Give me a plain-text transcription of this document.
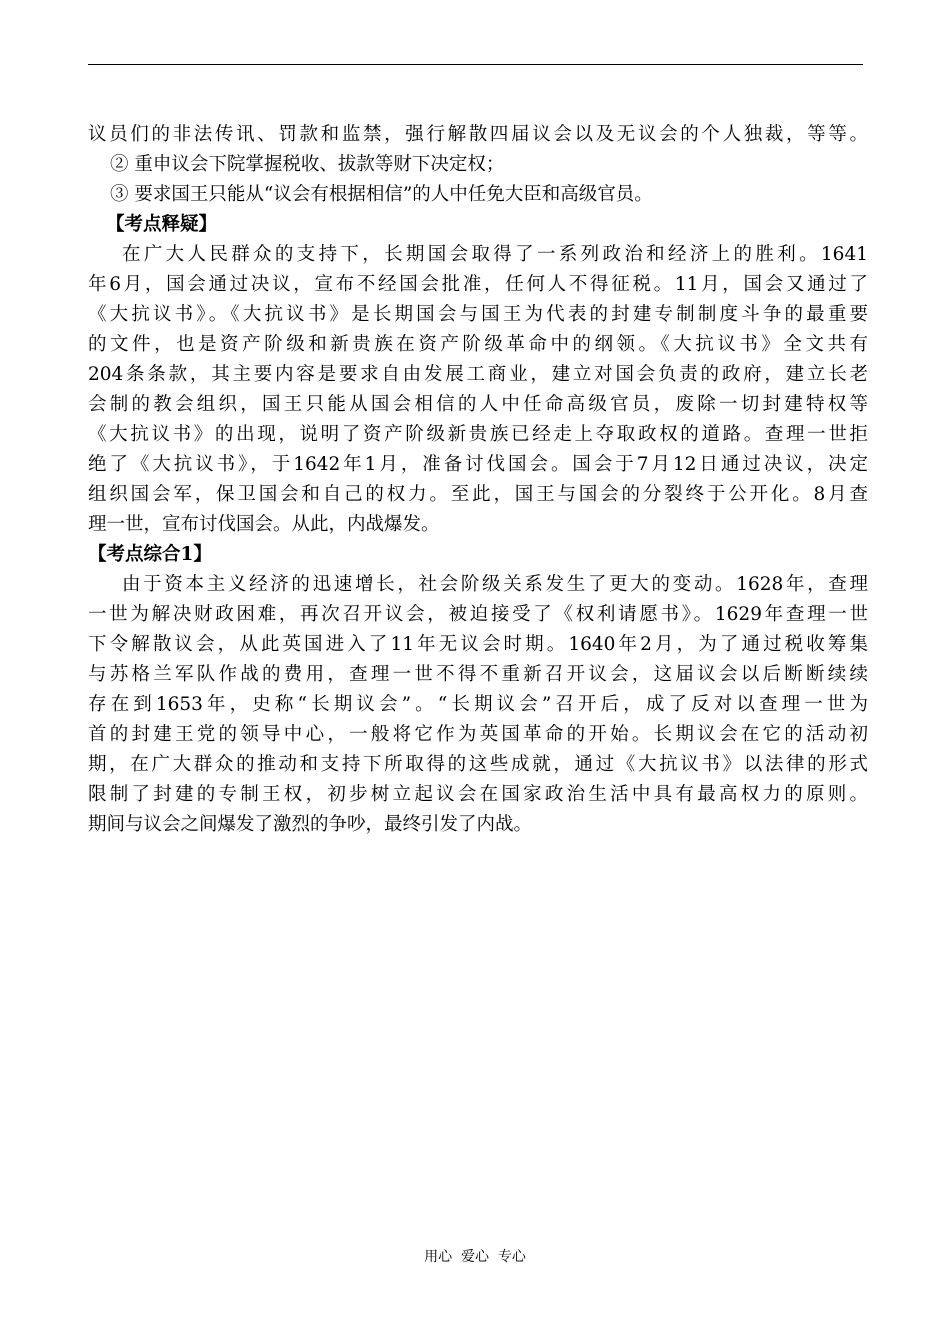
议员们的非法传讯、罚款和监禁，强行解散四届议会以及无议会的个人独裁，等等。
② 重申议会下院掌握税收、拔款等财下决定权；
③ 要求国王只能从“议会有根据相信”的人中任免大臣和高级官员。
【考点释疑】
在广大人民群众的支持下，长期国会取得了一系列政治和经济上的胜利。1641
年6月，国会通过决议，宣布不经国会批准，任何人不得征税。11月，国会又通过了
《大抗议书》。《大抗议书》是长期国会与国王为代表的封建专制制度斗争的最重要
的文件，也是资产阶级和新贵族在资产阶级革命中的纲领。《大抗议书》全文共有
204条条款，其主要内容是要求自由发展工商业，建立对国会负责的政府，建立长老
会制的教会组织，国王只能从国会相信的人中任命高级官员，废除一切封建特权等
《大抗议书》的出现，说明了资产阶级新贵族已经走上夺取政权的道路。查理一世拒
绝了《大抗议书》，于1642年1月，准备讨伐国会。国会于7月12日通过决议，决定
组织国会军，保卫国会和自己的权力。至此，国王与国会的分裂终于公开化。8月查
理一世，宣布讨伐国会。从此，内战爆发。
【考点综合1】
由于资本主义经济的迅速增长，社会阶级关系发生了更大的变动。1628年，查理
一世为解决财政困难，再次召开议会，被迫接受了《权利请愿书》。1629年查理一世
下令解散议会，从此英国进入了11年无议会时期。1640年2月，为了通过税收筹集
与苏格兰军队作战的费用，查理一世不得不重新召开议会，这届议会以后断断续续
存在到1653年，史称“长期议会”。“长期议会”召开后，成了反对以查理一世为
首的封建王党的领导中心，一般将它作为英国革命的开始。长期议会在它的活动初
期，在广大群众的推动和支持下所取得的这些成就，通过《大抗议书》以法律的形式
限制了封建的专制王权，初步树立起议会在国家政治生活中具有最高权力的原则。
期间与议会之间爆发了激烈的争吵，最终引发了内战。
用心  爱心  专心
